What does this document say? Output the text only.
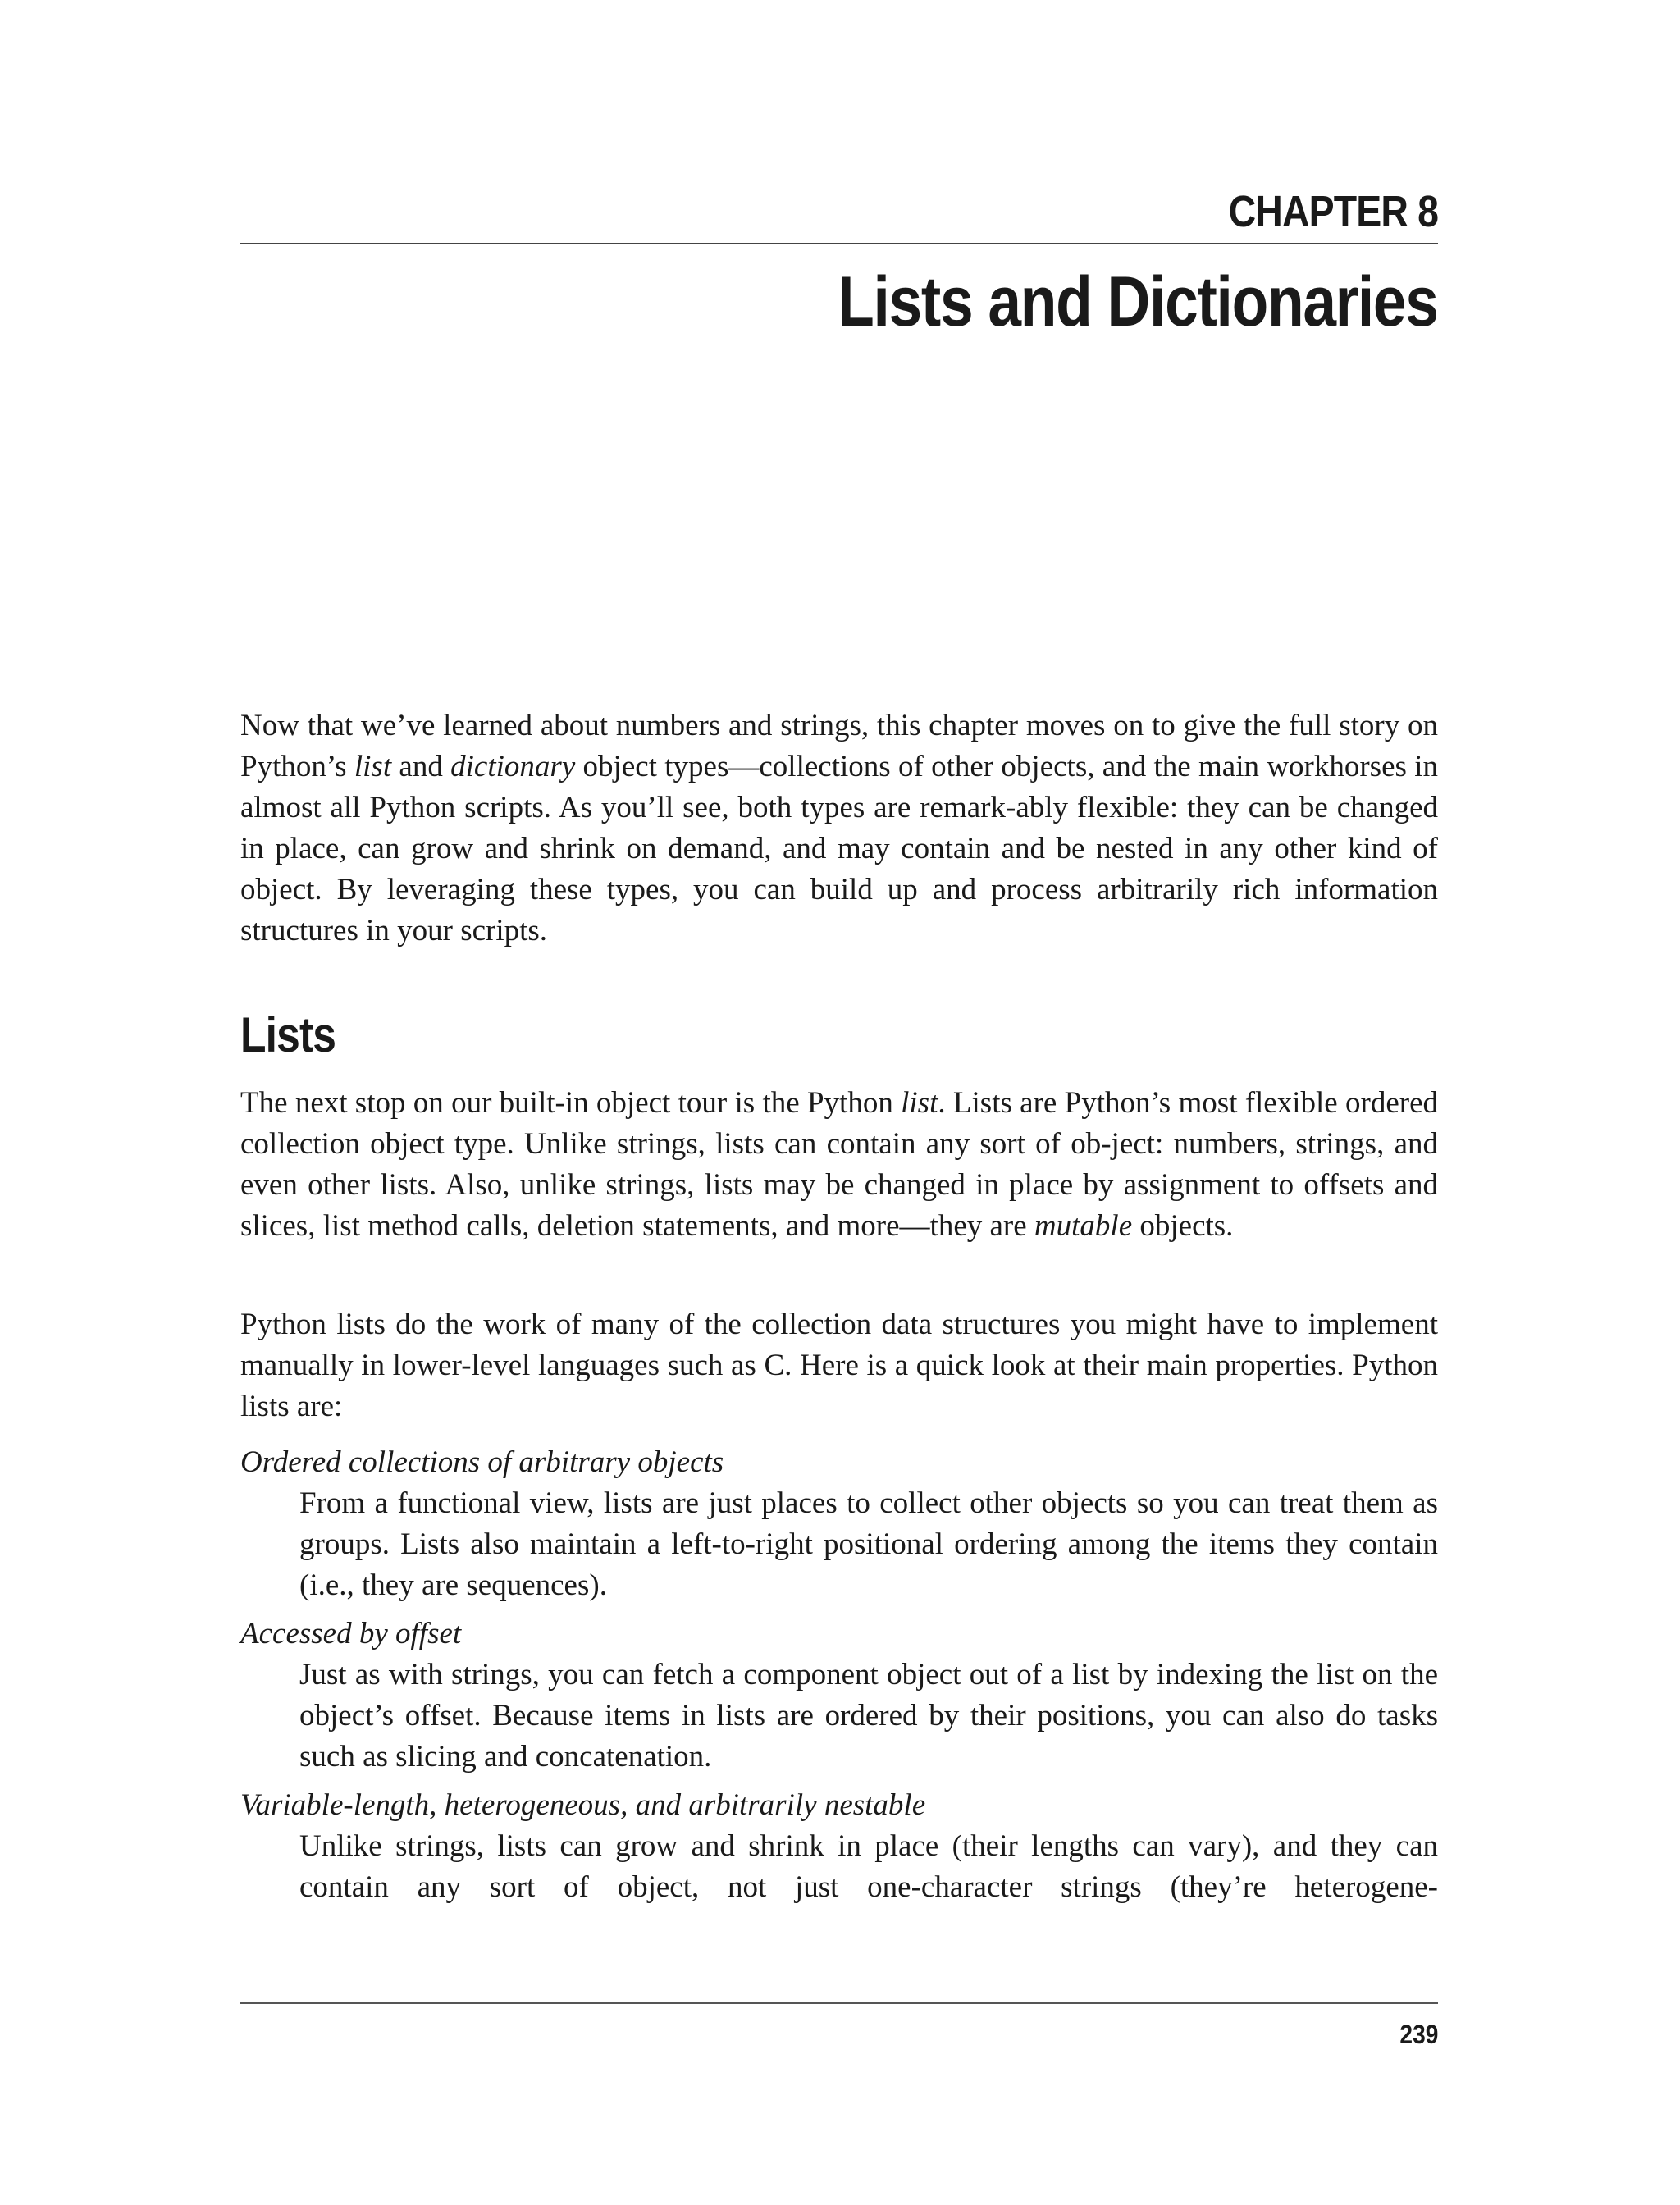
CHAPTER 8
Lists and Dictionaries
Now that we’ve learned about numbers and strings, this chapter moves on to give the full story on Python’s list and dictionary object types—collections of other objects, and the main workhorses in almost all Python scripts. As you’ll see, both types are remark-ably flexible: they can be changed in place, can grow and shrink on demand, and may contain and be nested in any other kind of object. By leveraging these types, you can build up and process arbitrarily rich information structures in your scripts.
Lists
The next stop on our built-in object tour is the Python list. Lists are Python’s most flexible ordered collection object type. Unlike strings, lists can contain any sort of ob-ject: numbers, strings, and even other lists. Also, unlike strings, lists may be changed in place by assignment to offsets and slices, list method calls, deletion statements, and more—they are mutable objects.
Python lists do the work of many of the collection data structures you might have to implement manually in lower-level languages such as C. Here is a quick look at their main properties. Python lists are:
Ordered collections of arbitrary objects
From a functional view, lists are just places to collect other objects so you can treat them as groups. Lists also maintain a left-to-right positional ordering among the items they contain (i.e., they are sequences).
Accessed by offset
Just as with strings, you can fetch a component object out of a list by indexing the list on the object’s offset. Because items in lists are ordered by their positions, you can also do tasks such as slicing and concatenation.
Variable-length, heterogeneous, and arbitrarily nestable
Unlike strings, lists can grow and shrink in place (their lengths can vary), and they can contain any sort of object, not just one-character strings (they’re heterogene-
239
